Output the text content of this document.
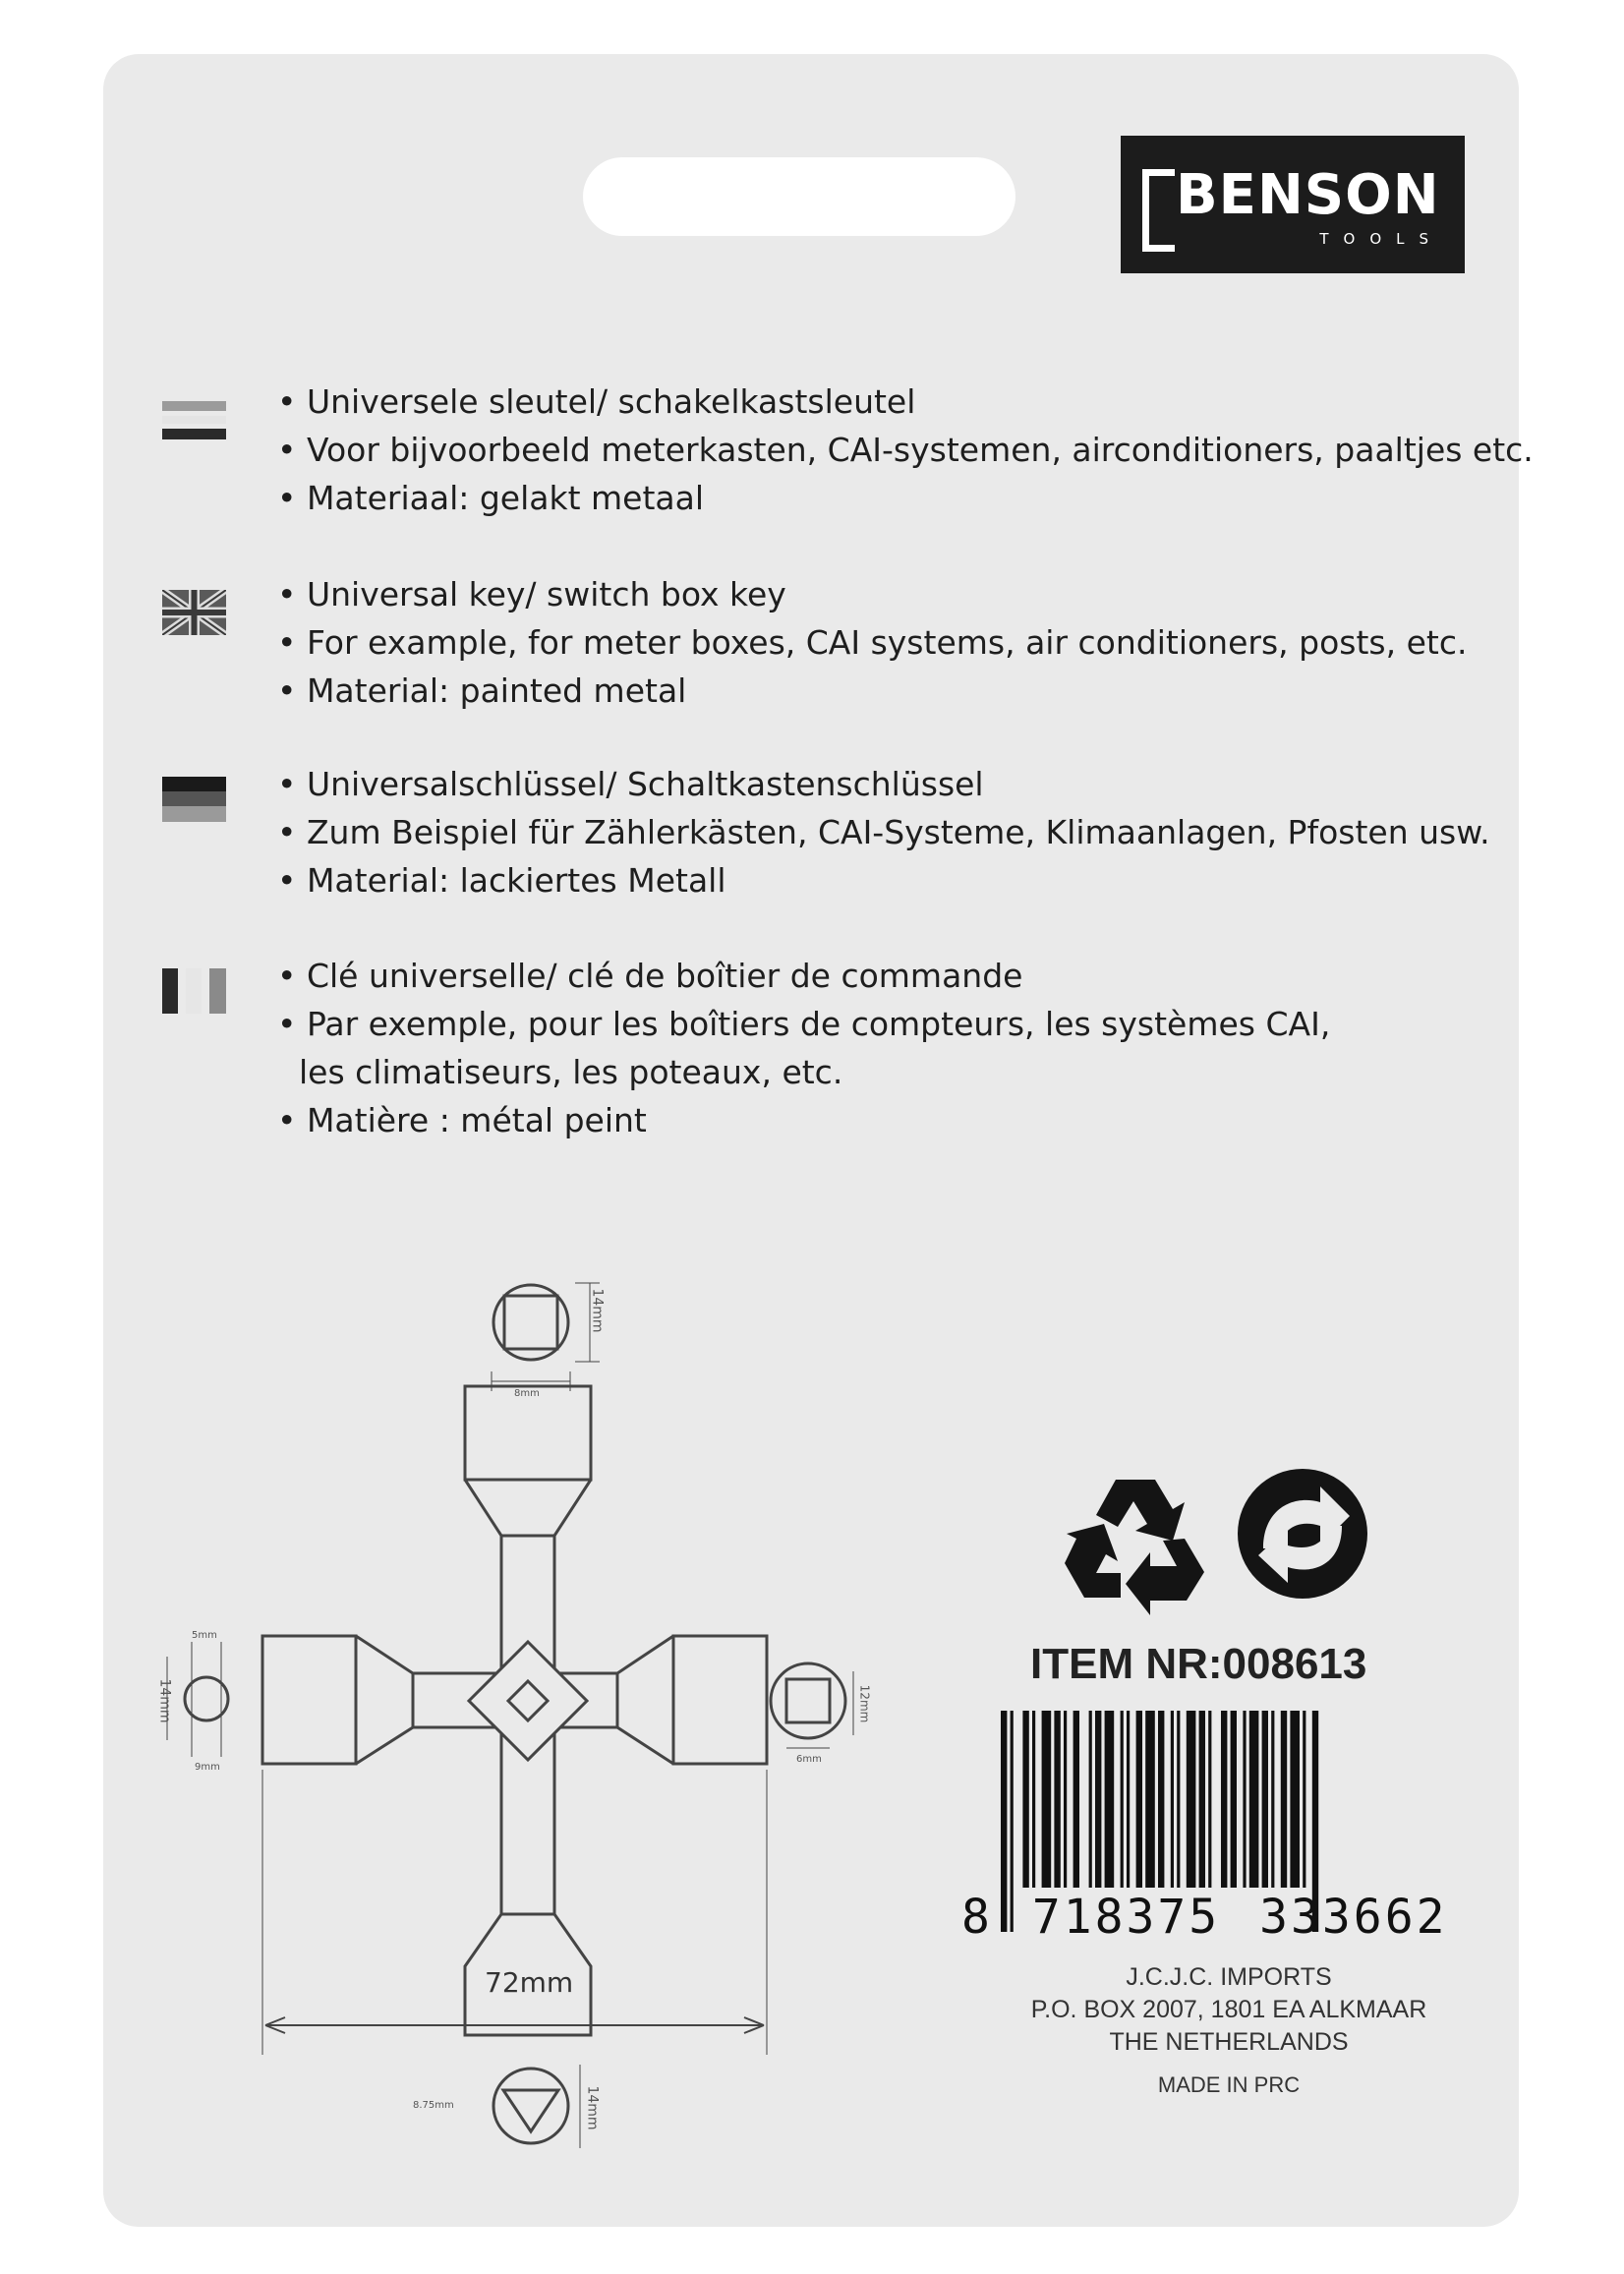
BENSON
TOOLS

• Universele sleutel/ schakelkastsleutel

• Voor bijvoorbeeld meterkasten, CAI-systemen, airconditioners, paaltjes etc.

• Materiaal: gelakt metaal

• Universal key/ switch box key

• For example, for meter boxes, CAI systems, air conditioners, posts, etc.

• Material: painted metal

• Universalschlüssel/ Schaltkastenschlüssel

• Zum Beispiel für Zählerkästen, CAI-Systeme, Klimaanlagen, Pfosten usw.

• Material: lackiertes Metall

• Clé universelle/ clé de boîtier de commande

• Par exemple, pour les boîtiers de compteurs, les systèmes CAI,

les climatiseurs, les poteaux, etc.

• Matière : métal peint

72mm
14mm
8mm
5mm
14mm
9mm
12mm
6mm
8.75mm	14mm
ITEM NR:008613
8 718375 333662

J.C.J.C. IMPORTS

P.O. BOX 2007, 1801 EA ALKMAAR

THE NETHERLANDS

MADE IN PRC
